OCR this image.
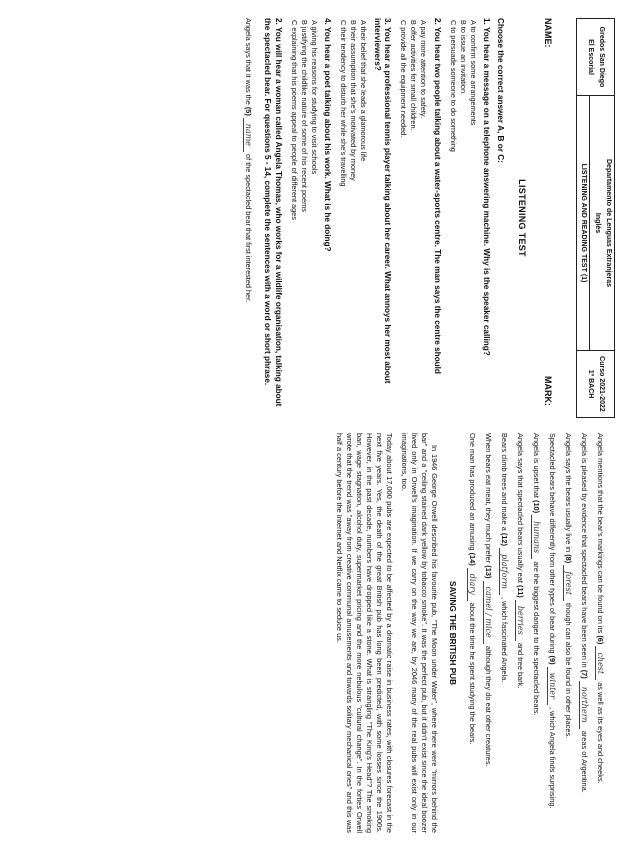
Gredos San Diego
El Escorial

Departamento de Lenguas Extranjeras
Inglés

Curso 2021-2022
1º BACH

LISTENING AND READING TEST (1)
NAME:
MARK:
LISTENING TEST

Choose the correct answer A, B or C:

1. You hear a message on a telephone answering machine. Why is the speaker calling?

A to confirm some arrangements

B to issue an invitation

C to persuade someone to do something

2. You hear two people talking about a water-sports centre. The man says the centre should

A pay more attention to safety.

B offer activities for small children.

C provide all the equipment needed.

3. You hear a professional tennis player talking about her career. What annoys her most about interviewers?

A their belief that she leads a glamorous life

B their assumption that she's motivated by money

C their tendency to disturb her while she's travelling

4. You hear a poet talking about his work. What is he doing?

A giving his reasons for studying to visit schools

B justifying the childlike nature of some of his recent poems

C explaining that his poems appeal to people of different ages

2. You will hear a woman called Angela Thomas, who works for a wildlife organisation, talking about the spectacled bear. For questions 5 - 14, complete the sentences with a word or short phrase.

Angela says that it was the (5) name of the spectacled bear that first interested her.

Angela mentions that the bear's markings can be found on its (6) chest as well as its eyes and cheeks.

Angela is pleased by evidence that spectacled bears have been seen in (7) northern areas of Argentina.

Angela says the bears usually live in (8) forest though can also be found in other places.

Spectacled bears behave differently from other types of bear during (9) winter , which Angela finds surprising.

Angela is upset that (10) humans are the biggest danger to the spectacled bears.

Angela says that spectacled bears usually eat (11) berries and tree bark.

Bears climb trees and make a (12) platform , which fascinated Angela.

When bears eat meat, they much prefer (13) camel / mice although they do eat other creatures.

One man has produced an amusing (14) diary about the time he spent studying the bears.

SAVING THE BRITISH PUB

In 1946 George Orwell described his favourite pub, "The Moon under Water", where there were "mirrors behind the bar" and a "ceiling stained dark yellow by tobacco smoke". It was the perfect pub, but it didn't exist since the ideal boozer lived only in Orwell's imagination. If we carry on the way we are, by 2046 many of the real pubs will exist only in our imaginations, too.

Today about 17,000 pubs are expected to be affected by a dramatic raise in business rates, with closures forecast in the next five years. Yes, the death of the great British pub has long been predicted, with some losses since the 1900s. However, in the past decade, numbers have dropped like a stone. What is strangling "The King's Head"? The smoking ban, wage stagnation, alcohol duty, supermarket pricing and the more nebulous "cultural change". In the forties Orwell wrote that the trend was "away from creative communal amusements and towards solitary mechanical ones" and this was half a century before the Internet and Netflix came to seduce us.
